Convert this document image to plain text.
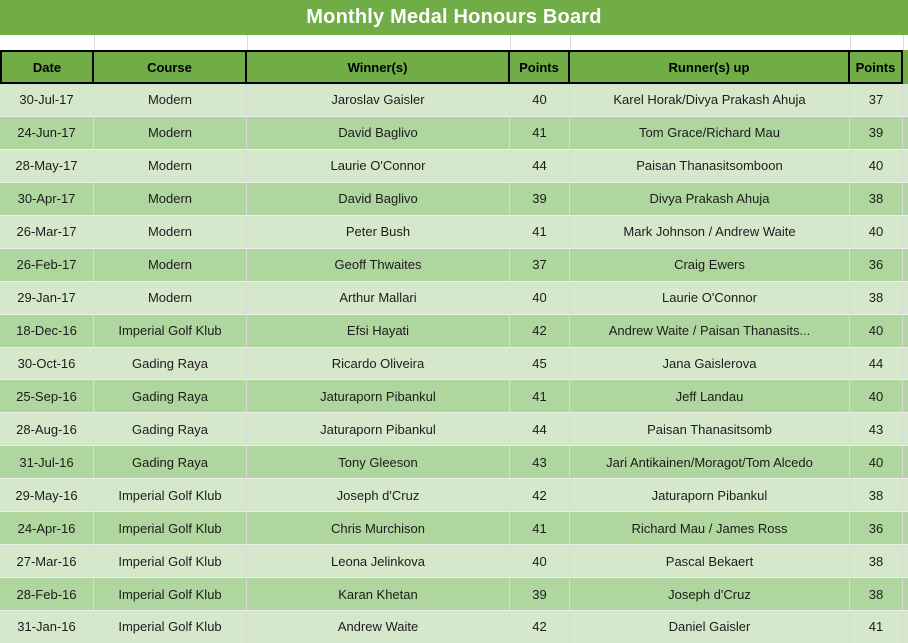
Monthly Medal Honours Board
Date	Course	Winner(s)	Points	Runner(s) up	Points
30-Jul-17	Modern	Jaroslav Gaisler	40	Karel Horak/Divya Prakash Ahuja	37
24-Jun-17	Modern	David Baglivo	41	Tom Grace/Richard Mau	39
28-May-17	Modern	Laurie O'Connor	44	Paisan Thanasitsomboon	40
30-Apr-17	Modern	David Baglivo	39	Divya Prakash Ahuja	38
26-Mar-17	Modern	Peter Bush	41	Mark Johnson / Andrew Waite	40
26-Feb-17	Modern	Geoff Thwaites	37	Craig Ewers	36
29-Jan-17	Modern	Arthur Mallari	40	Laurie O'Connor	38
18-Dec-16	Imperial Golf Klub	Efsi Hayati	42	Andrew Waite / Paisan Thanasits...	40
30-Oct-16	Gading Raya	Ricardo Oliveira	45	Jana Gaislerova	44
25-Sep-16	Gading Raya	Jaturaporn Pibankul	41	Jeff Landau	40
28-Aug-16	Gading Raya	Jaturaporn Pibankul	44	Paisan Thanasitsomb	43
31-Jul-16	Gading Raya	Tony Gleeson	43	Jari Antikainen/Moragot/Tom Alcedo	40
29-May-16	Imperial Golf Klub	Joseph d'Cruz	42	Jaturaporn Pibankul	38
24-Apr-16	Imperial Golf Klub	Chris Murchison	41	Richard Mau / James Ross	36
27-Mar-16	Imperial Golf Klub	Leona Jelinkova	40	Pascal Bekaert	38
28-Feb-16	Imperial Golf Klub	Karan Khetan	39	Joseph d'Cruz	38
31-Jan-16	Imperial Golf Klub	Andrew Waite	42	Daniel Gaisler	41
